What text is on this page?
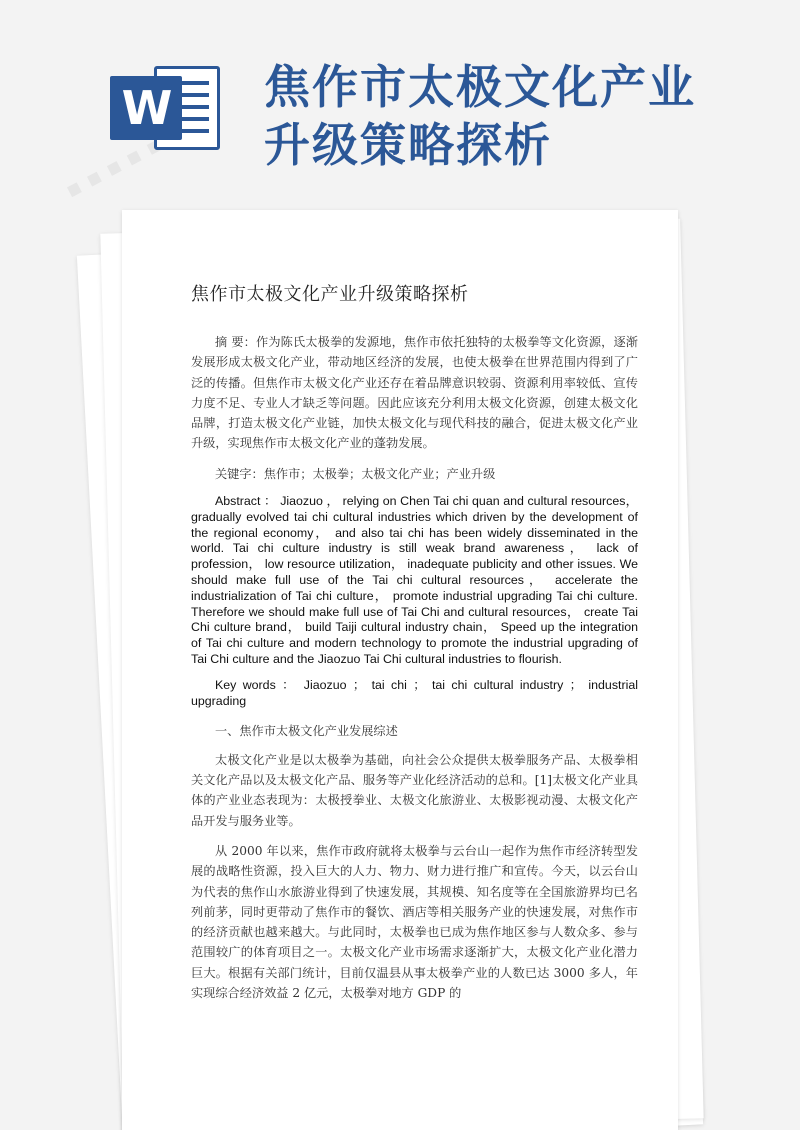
▪ ▪ ▪ ▪ ▪ ▪
W 焦作市太极文化产业升级策略探析
焦作市太极文化产业升级策略探析

摘 要：作为陈氏太极拳的发源地，焦作市依托独特的太极拳等文化资源，逐渐发展形成太极文化产业，带动地区经济的发展，也使太极拳在世界范围内得到了广泛的传播。但焦作市太极文化产业还存在着品牌意识较弱、资源利用率较低、宣传力度不足、专业人才缺乏等问题。因此应该充分利用太极文化资源，创建太极文化品牌，打造太极文化产业链，加快太极文化与现代科技的融合，促进太极文化产业升级，实现焦作市太极文化产业的蓬勃发展。

关键字：焦作市；太极拳；太极文化产业；产业升级

Abstract ： Jiaozuo ， relying on Chen Tai chi quan and cultural resources， gradually evolved tai chi cultural industries which driven by the development of the regional economy， and also tai chi has been widely disseminated in the world. Tai chi culture industry is still weak brand awareness， lack of profession， low resource utilization， inadequate publicity and other issues. We should make full use of the Tai chi cultural resources， accelerate the industrialization of Tai chi culture， promote industrial upgrading Tai chi culture. Therefore we should make full use of Tai Chi and cultural resources， create Tai Chi culture brand， build Taiji cultural industry chain， Speed up the integration of Tai chi culture and modern technology to promote the industrial upgrading of Tai Chi culture and the Jiaozuo Tai Chi cultural industries to flourish.

Key words ： Jiaozuo ； tai chi ； tai chi cultural industry ； industrial upgrading

一、焦作市太极文化产业发展综述

太极文化产业是以太极拳为基础，向社会公众提供太极拳服务产品、太极拳相关文化产品以及太极文化产品、服务等产业化经济活动的总和。[1]太极文化产业具体的产业业态表现为：太极授拳业、太极文化旅游业、太极影视动漫、太极文化产品开发与服务业等。

从 2000 年以来，焦作市政府就将太极拳与云台山一起作为焦作市经济转型发展的战略性资源，投入巨大的人力、物力、财力进行推广和宣传。今天，以云台山为代表的焦作山水旅游业得到了快速发展，其规模、知名度等在全国旅游界均已名列前茅，同时更带动了焦作市的餐饮、酒店等相关服务产业的快速发展，对焦作市的经济贡献也越来越大。与此同时，太极拳也已成为焦作地区参与人数众多、参与范围较广的体育项目之一。太极文化产业市场需求逐渐扩大，太极文化产业化潜力巨大。根据有关部门统计，目前仅温县从事太极拳产业的人数已达 3000 多人，年实现综合经济效益 2 亿元，太极拳对地方 GDP 的
